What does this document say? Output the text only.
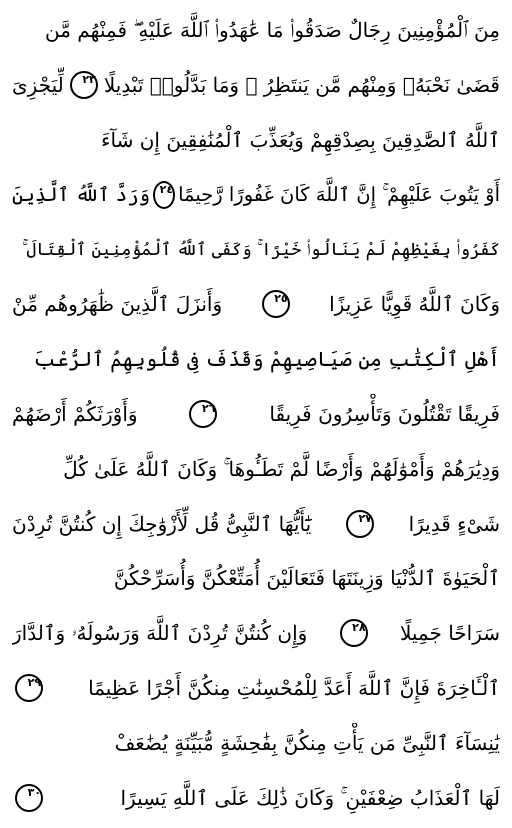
مِنَ ٱلْمُؤْمِنِينَ رِجَالٌ صَدَقُوا۟ مَا عَٰهَدُوا۟ ٱللَّهَ عَلَيْهِ ۖ فَمِنْهُم مَّن
قَضَىٰ نَحْبَهُۥ وَمِنْهُم مَّن يَنتَظِرُ ۖ وَمَا بَدَّلُوا۟ تَبْدِيلًا
٢٣
لِّيَجْزِىَ
ٱللَّهُ ٱلصَّٰدِقِينَ بِصِدْقِهِمْ وَيُعَذِّبَ ٱلْمُنَٰفِقِينَ إِن شَآءَ
أَوْ يَتُوبَ عَلَيْهِمْ ۚ إِنَّ ٱللَّهَ كَانَ غَفُورًا رَّحِيمًا
٢٤
وَرَدَّ ٱللَّهُ ٱلَّذِينَ
كَفَرُوا۟ بِغَيْظِهِمْ لَمْ يَنَالُوا۟ خَيْرًا ۚ وَكَفَى ٱللَّهُ ٱلْمُؤْمِنِينَ ٱلْقِتَالَ ۚ
وَكَانَ ٱللَّهُ قَوِيًّا عَزِيزًا
٢٥
وَأَنزَلَ ٱلَّذِينَ ظَٰهَرُوهُم مِّنْ
أَهْلِ ٱلْكِتَٰبِ مِن صَيَاصِيهِمْ وَقَذَفَ فِى قُلُوبِهِمُ ٱلرُّعْبَ
فَرِيقًا تَقْتُلُونَ وَتَأْسِرُونَ فَرِيقًا
٢٦
وَأَوْرَثَكُمْ أَرْضَهُمْ
وَدِيَٰرَهُمْ وَأَمْوَٰلَهُمْ وَأَرْضًا لَّمْ تَطَـُٔوهَا ۚ وَكَانَ ٱللَّهُ عَلَىٰ كُلِّ
شَىْءٍ قَدِيرًا
٢٧
يَٰٓأَيُّهَا ٱلنَّبِىُّ قُل لِّأَزْوَٰجِكَ إِن كُنتُنَّ تُرِدْنَ
ٱلْحَيَوٰةَ ٱلدُّنْيَا وَزِينَتَهَا فَتَعَالَيْنَ أُمَتِّعْكُنَّ وَأُسَرِّحْكُنَّ
سَرَاحًا جَمِيلًا
٢٨
وَإِن كُنتُنَّ تُرِدْنَ ٱللَّهَ وَرَسُولَهُۥ وَٱلدَّارَ
ٱلْـَٔاخِرَةَ فَإِنَّ ٱللَّهَ أَعَدَّ لِلْمُحْسِنَٰتِ مِنكُنَّ أَجْرًا عَظِيمًا
٢٩
يَٰنِسَآءَ ٱلنَّبِىِّ مَن يَأْتِ مِنكُنَّ بِفَٰحِشَةٍ مُّبَيِّنَةٍ يُضَٰعَفْ
لَهَا ٱلْعَذَابُ ضِعْفَيْنِ ۚ وَكَانَ ذَٰلِكَ عَلَى ٱللَّهِ يَسِيرًا
٣٠
